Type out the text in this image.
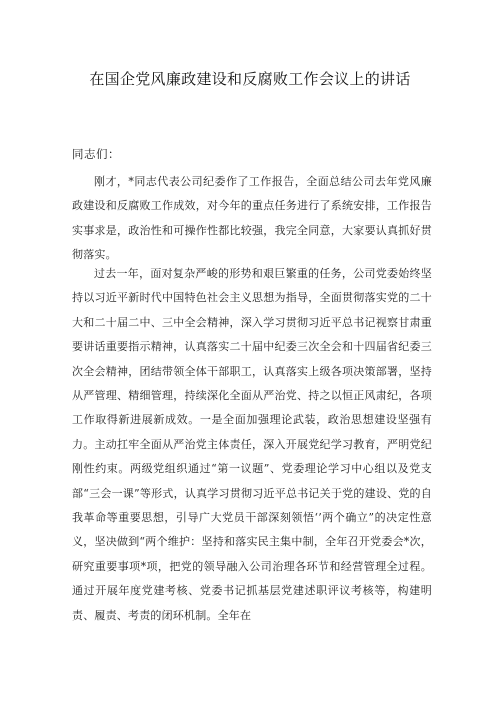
在国企党风廉政建设和反腐败工作会议上的讲话
同志们：

刚才，*同志代表公司纪委作了工作报告，全面总结公司去年党风廉政建设和反腐败工作成效，对今年的重点任务进行了系统安排，工作报告实事求是，政治性和可操作性都比较强，我完全同意，大家要认真抓好贯彻落实。

过去一年，面对复杂严峻的形势和艰巨繁重的任务，公司党委始终坚持以习近平新时代中国特色社会主义思想为指导，全面贯彻落实党的二十大和二十届二中、三中全会精神，深入学习贯彻习近平总书记视察甘肃重要讲话重要指示精神，认真落实二十届中纪委三次全会和十四届省纪委三次全会精神，团结带领全体干部职工，认真落实上级各项决策部署，坚持从严管理、精细管理，持续深化全面从严治党、持之以恒正风肃纪，各项工作取得新进展新成效。一是全面加强理论武装，政治思想建设坚强有力。主动扛牢全面从严治党主体责任，深入开展党纪学习教育，严明党纪刚性约束。两级党组织通过“第一议题”、党委理论学习中心组以及党支部“三会一课”等形式，认真学习贯彻习近平总书记关于党的建设、党的自我革命等重要思想，引导广大党员干部深刻领悟‘’两个确立”的决定性意义，坚决做到“两个维护：坚持和落实民主集中制，全年召开党委会*次，研究重要事项*项，把党的领导融入公司治理各环节和经营管理全过程。通过开展年度党建考核、党委书记抓基层党建述职评议考核等，构建明责、履责、考责的闭环机制。全年在
